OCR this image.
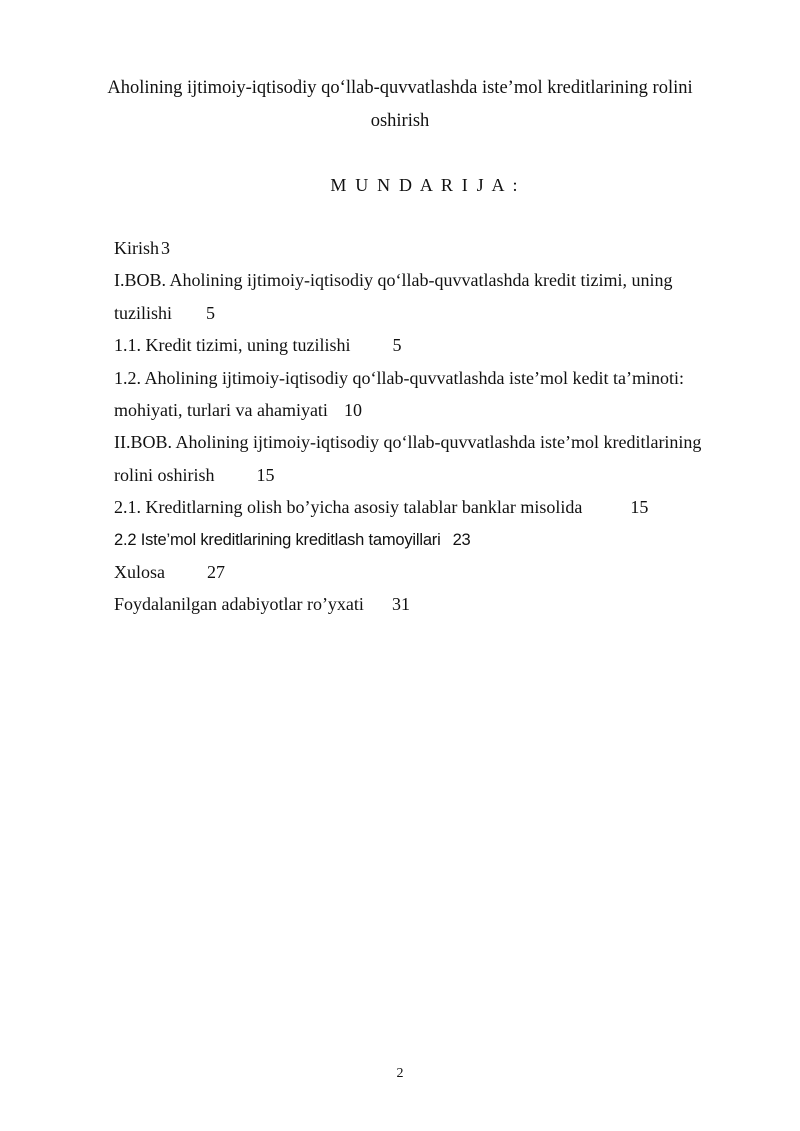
Aholining ijtimoiy-iqtisodiy qo‘llab-quvvatlashda iste’mol kreditlarining rolini oshirish
M U N D A R I J A :

Kirish 3

I.BOB. Aholining ijtimoiy-iqtisodiy qo‘llab-quvvatlashda kredit tizimi, uning tuzilishi 5

1.1. Kredit tizimi, uning tuzilishi 5

1.2. Aholining ijtimoiy-iqtisodiy qo‘llab-quvvatlashda iste’mol kedit ta’minoti: mohiyati, turlari va ahamiyati 10

II.BOB. Aholining ijtimoiy-iqtisodiy qo‘llab-quvvatlashda iste’mol kreditlarining rolini oshirish 15

2.1. Kreditlarning olish bo’yicha asosiy talablar banklar misolida	15

2.2 Iste’mol kreditlarining kreditlash tamoyillari 23

Xulosa 27

Foydalanilgan adabiyotlar ro’yxati 31

2
